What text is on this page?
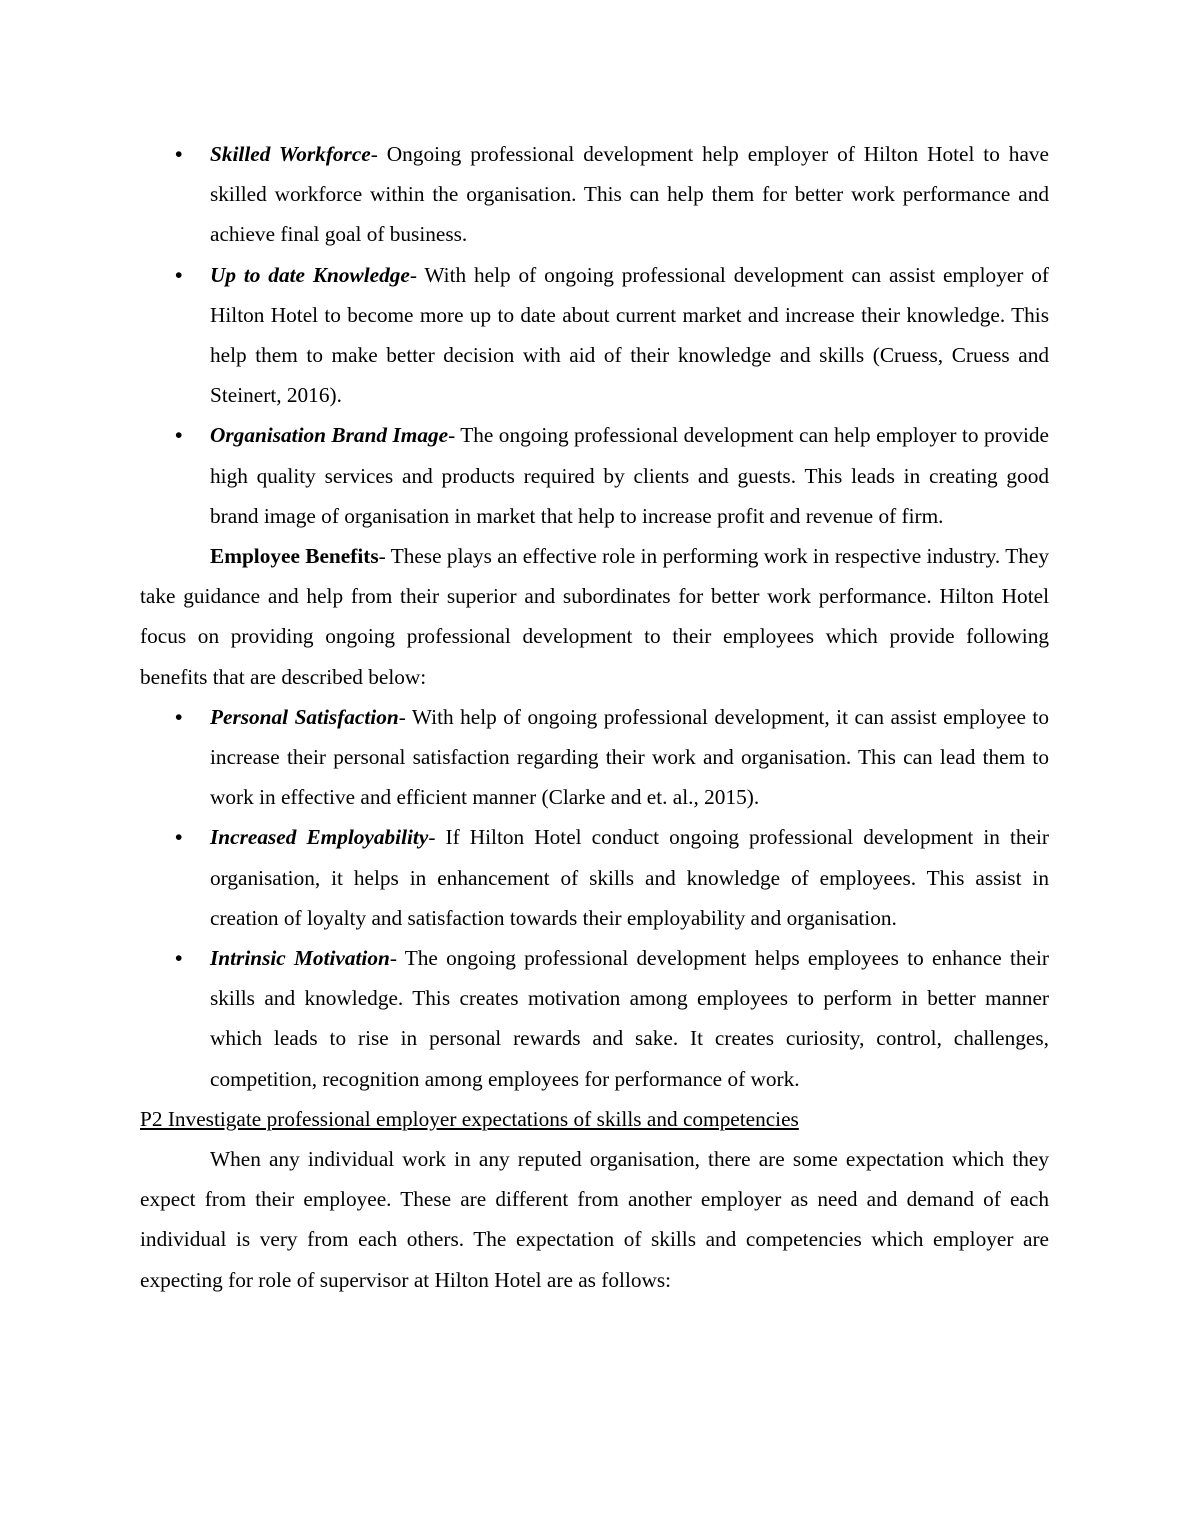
•	Skilled Workforce- Ongoing professional development help employer of Hilton Hotel to have skilled workforce within the organisation. This can help them for better work performance and achieve final goal of business.
•	Up to date Knowledge- With help of ongoing professional development can assist employer of Hilton Hotel to become more up to date about current market and increase their knowledge. This help them to make better decision with aid of their knowledge and skills (Cruess, Cruess and Steinert, 2016).
•	Organisation Brand Image- The ongoing professional development can help employer to provide high quality services and products required by clients and guests. This leads in creating good brand image of organisation in market that help to increase profit and revenue of firm.

Employee Benefits- These plays an effective role in performing work in respective industry. They take guidance and help from their superior and subordinates for better work performance. Hilton Hotel focus on providing ongoing professional development to their employees which provide following benefits that are described below:

•	Personal Satisfaction- With help of ongoing professional development, it can assist employee to increase their personal satisfaction regarding their work and organisation. This can lead them to work in effective and efficient manner (Clarke and et. al., 2015).
•	Increased Employability- If Hilton Hotel conduct ongoing professional development in their organisation, it helps in enhancement of skills and knowledge of employees. This assist in creation of loyalty and satisfaction towards their employability and organisation.
•	Intrinsic Motivation- The ongoing professional development helps employees to enhance their skills and knowledge. This creates motivation among employees to perform in better manner which leads to rise in personal rewards and sake. It creates curiosity, control, challenges, competition, recognition among employees for performance of work.

P2 Investigate professional employer expectations of skills and competencies

When any individual work in any reputed organisation, there are some expectation which they expect from their employee. These are different from another employer as need and demand of each individual is very from each others. The expectation of skills and competencies which employer are expecting for role of supervisor at Hilton Hotel are as follows:
